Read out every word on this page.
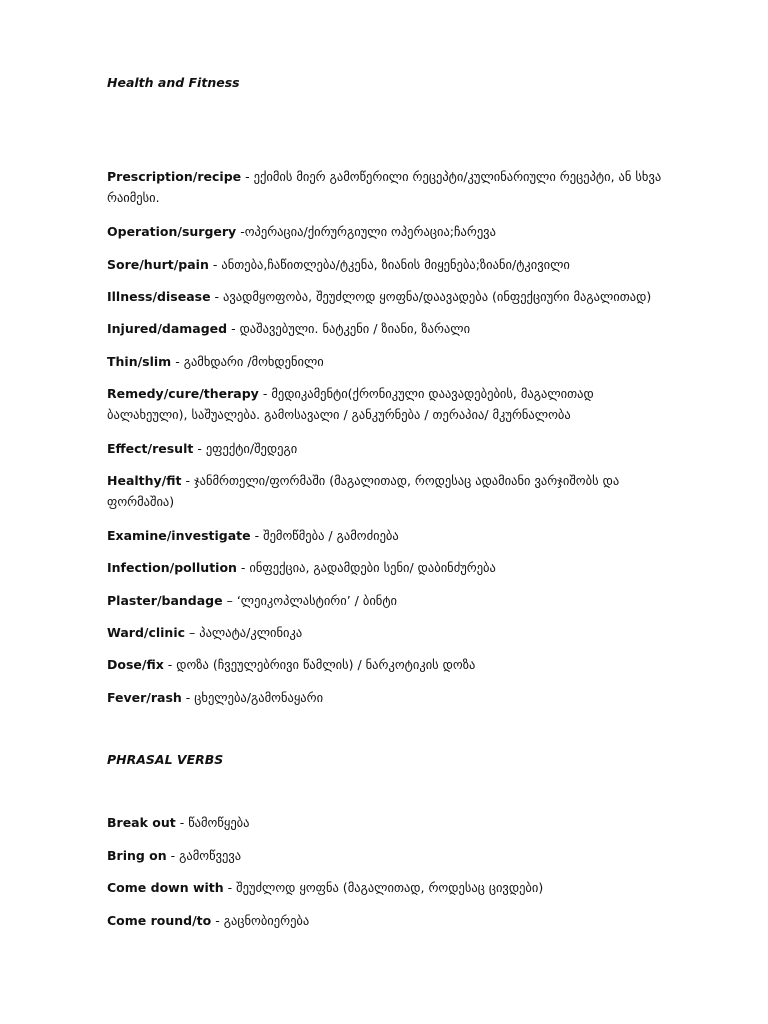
Health and Fitness
Prescription/recipe - ექიმის მიერ გამოწერილი რეცეპტი/კულინარიული რეცეპტი, ან სხვა რაიმესი.
Operation/surgery -ოპერაცია/ქირურგიული ოპერაცია;ჩარევა
Sore/hurt/pain - ანთება,ჩაწითლება/ტკენა, ზიანის მიყენება;ზიანი/ტკივილი
Illness/disease - ავადმყოფობა, შეუძლოდ ყოფნა/დაავადება (ინფექციური მაგალითად)
Injured/damaged - დაშავებული. ნატკენი / ზიანი, ზარალი
Thin/slim - გამხდარი /მოხდენილი
Remedy/cure/therapy - მედიკამენტი(ქრონიკული დაავადებების, მაგალითად ბალახეული), საშუალება. გამოსავალი / განკურნება / თერაპია/ მკურნალობა
Effect/result - ეფექტი/შედეგი
Healthy/fit - ჯანმრთელი/ფორმაში (მაგალითად, როდესაც ადამიანი ვარჯიშობს და ფორმაშია)
Examine/investigate - შემოწმება / გამოძიება
Infection/pollution - ინფექცია, გადამდები სენი/ დაბინძურება
Plaster/bandage – ‘ლეიკოპლასტირი’ / ბინტი
Ward/clinic – პალატა/კლინიკა
Dose/fix - დოზა (ჩვეულებრივი წამლის) / ნარკოტიკის დოზა
Fever/rash - ცხელება/გამონაყარი
PHRASAL VERBS
Break out - წამოწყება
Bring on - გამოწვევა
Come down with - შეუძლოდ ყოფნა (მაგალითად, როდესაც ცივდები)
Come round/to - გაცნობიერება
